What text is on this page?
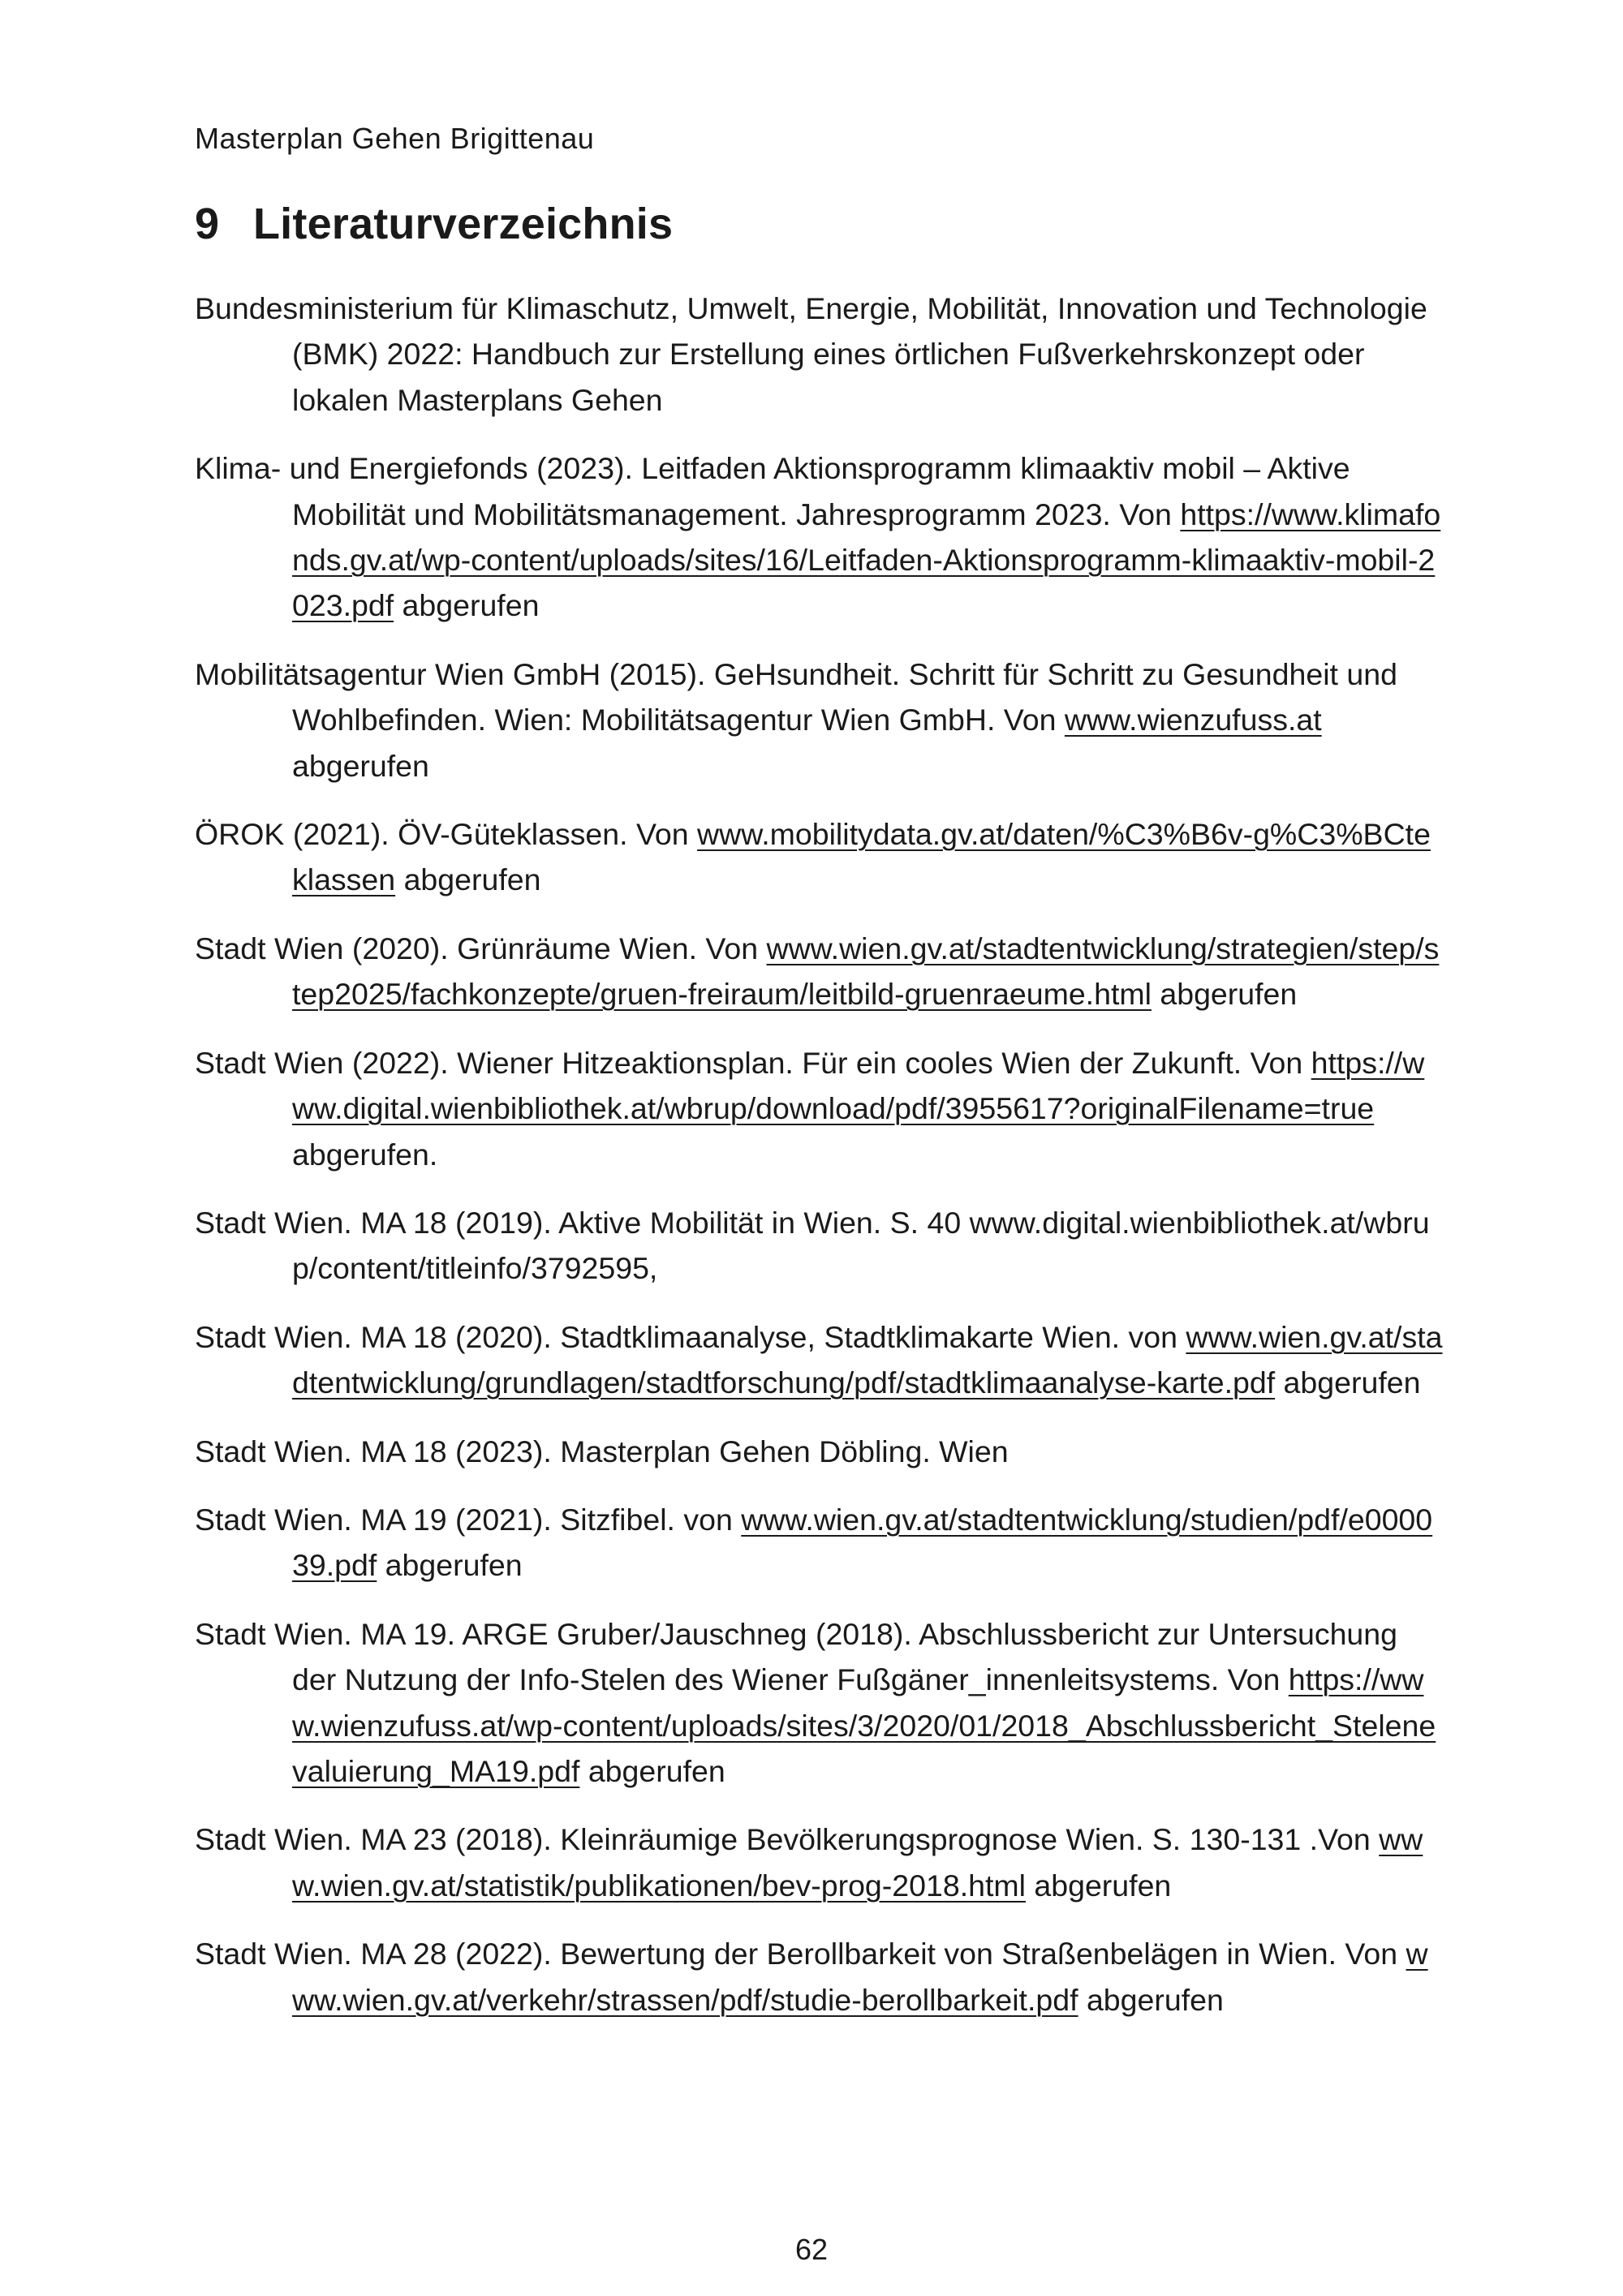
Masterplan Gehen Brigittenau
9 Literaturverzeichnis
Bundesministerium für Klimaschutz, Umwelt, Energie, Mobilität, Innovation und Technologie (BMK) 2022: Handbuch zur Erstellung eines örtlichen Fußverkehrskonzept oder lokalen Masterplans Gehen
Klima- und Energiefonds (2023). Leitfaden Aktionsprogramm klimaaktiv mobil – Aktive Mobilität und Mobilitätsmanagement. Jahresprogramm 2023. Von https://www.klimafonds.gv.at/wp-content/uploads/sites/16/Leitfaden-Aktionsprogramm-klimaaktiv-mobil-2023.pdf abgerufen
Mobilitätsagentur Wien GmbH (2015). GeHsundheit. Schritt für Schritt zu Gesundheit und Wohlbefinden. Wien: Mobilitätsagentur Wien GmbH. Von www.wienzufuss.at abgerufen
ÖROK (2021). ÖV-Güteklassen. Von www.mobilitydata.gv.at/daten/%C3%B6v-g%C3%BCteklassen abgerufen
Stadt Wien (2020). Grünräume Wien. Von www.wien.gv.at/stadtentwicklung/strategien/step/step2025/fachkonzepte/gruen-freiraum/leitbild-gruenraeume.html abgerufen
Stadt Wien (2022). Wiener Hitzeaktionsplan. Für ein cooles Wien der Zukunft. Von https://www.digital.wienbibliothek.at/wbrup/download/pdf/3955617?originalFilename=true abgerufen.
Stadt Wien. MA 18 (2019). Aktive Mobilität in Wien. S. 40 www.digital.wienbibliothek.at/wbrup/content/titleinfo/3792595,
Stadt Wien. MA 18 (2020). Stadtklimaanalyse, Stadtklimakarte Wien. von www.wien.gv.at/stadtentwicklung/grundlagen/stadtforschung/pdf/stadtklimaanalyse-karte.pdf abgerufen
Stadt Wien. MA 18 (2023). Masterplan Gehen Döbling. Wien
Stadt Wien. MA 19 (2021). Sitzfibel. von www.wien.gv.at/stadtentwicklung/studien/pdf/e000039.pdf abgerufen
Stadt Wien. MA 19. ARGE Gruber/Jauschneg (2018). Abschlussbericht zur Untersuchung der Nutzung der Info-Stelen des Wiener Fußgäner_innenleitsystems. Von https://www.wienzufuss.at/wp-content/uploads/sites/3/2020/01/2018_Abschlussbericht_Stelenevaluierung_MA19.pdf abgerufen
Stadt Wien. MA 23 (2018). Kleinräumige Bevölkerungsprognose Wien. S. 130-131 .Von www.wien.gv.at/statistik/publikationen/bev-prog-2018.html abgerufen
Stadt Wien. MA 28 (2022). Bewertung der Berollbarkeit von Straßenbelägen in Wien. Von www.wien.gv.at/verkehr/strassen/pdf/studie-berollbarkeit.pdf abgerufen
62
